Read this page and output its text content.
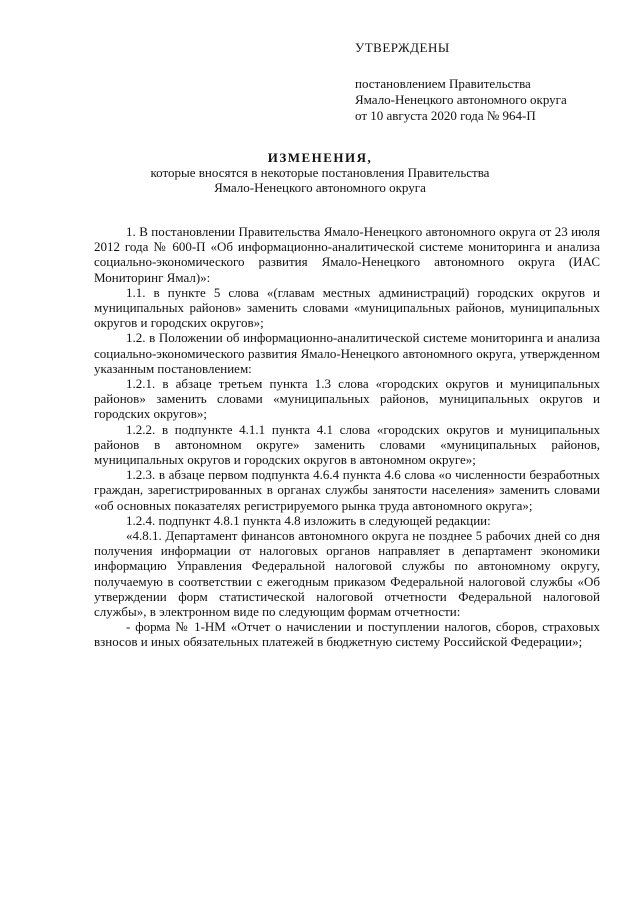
УТВЕРЖДЕНЫ
постановлением Правительства
Ямало-Ненецкого автономного округа
от 10 августа 2020 года № 964-П
ИЗМЕНЕНИЯ,
которые вносятся в некоторые постановления Правительства
Ямало-Ненецкого автономного округа

1. В постановлении Правительства Ямало-Ненецкого автономного округа от 23 июля 2012 года № 600-П «Об информационно-аналитической системе мониторинга и анализа социально-экономического развития Ямало-Ненецкого автономного округа (ИАС Мониторинг Ямал)»:

1.1. в пункте 5 слова «(главам местных администраций) городских округов и муниципальных районов» заменить словами «муниципальных районов, муниципальных округов и городских округов»;

1.2. в Положении об информационно-аналитической системе мониторинга и анализа социально-экономического развития Ямало-Ненецкого автономного округа, утвержденном указанным постановлением:

1.2.1. в абзаце третьем пункта 1.3 слова «городских округов и муниципальных районов» заменить словами «муниципальных районов, муниципальных округов и городских округов»;

1.2.2. в подпункте 4.1.1 пункта 4.1 слова «городских округов и муниципальных районов в автономном округе» заменить словами «муниципальных районов, муниципальных округов и городских округов в автономном округе»;

1.2.3. в абзаце первом подпункта 4.6.4 пункта 4.6 слова «о численности безработных граждан, зарегистрированных в органах службы занятости населения» заменить словами «об основных показателях регистрируемого рынка труда автономного округа»;

1.2.4. подпункт 4.8.1 пункта 4.8 изложить в следующей редакции:

«4.8.1. Департамент финансов автономного округа не позднее 5 рабочих дней со дня получения информации от налоговых органов направляет в департамент экономики информацию Управления Федеральной налоговой службы по автономному округу, получаемую в соответствии с ежегодным приказом Федеральной налоговой службы «Об утверждении форм статистической налоговой отчетности Федеральной налоговой службы», в электронном виде по следующим формам отчетности:

- форма № 1-НМ «Отчет о начислении и поступлении налогов, сборов, страховых взносов и иных обязательных платежей в бюджетную систему Российской Федерации»;
